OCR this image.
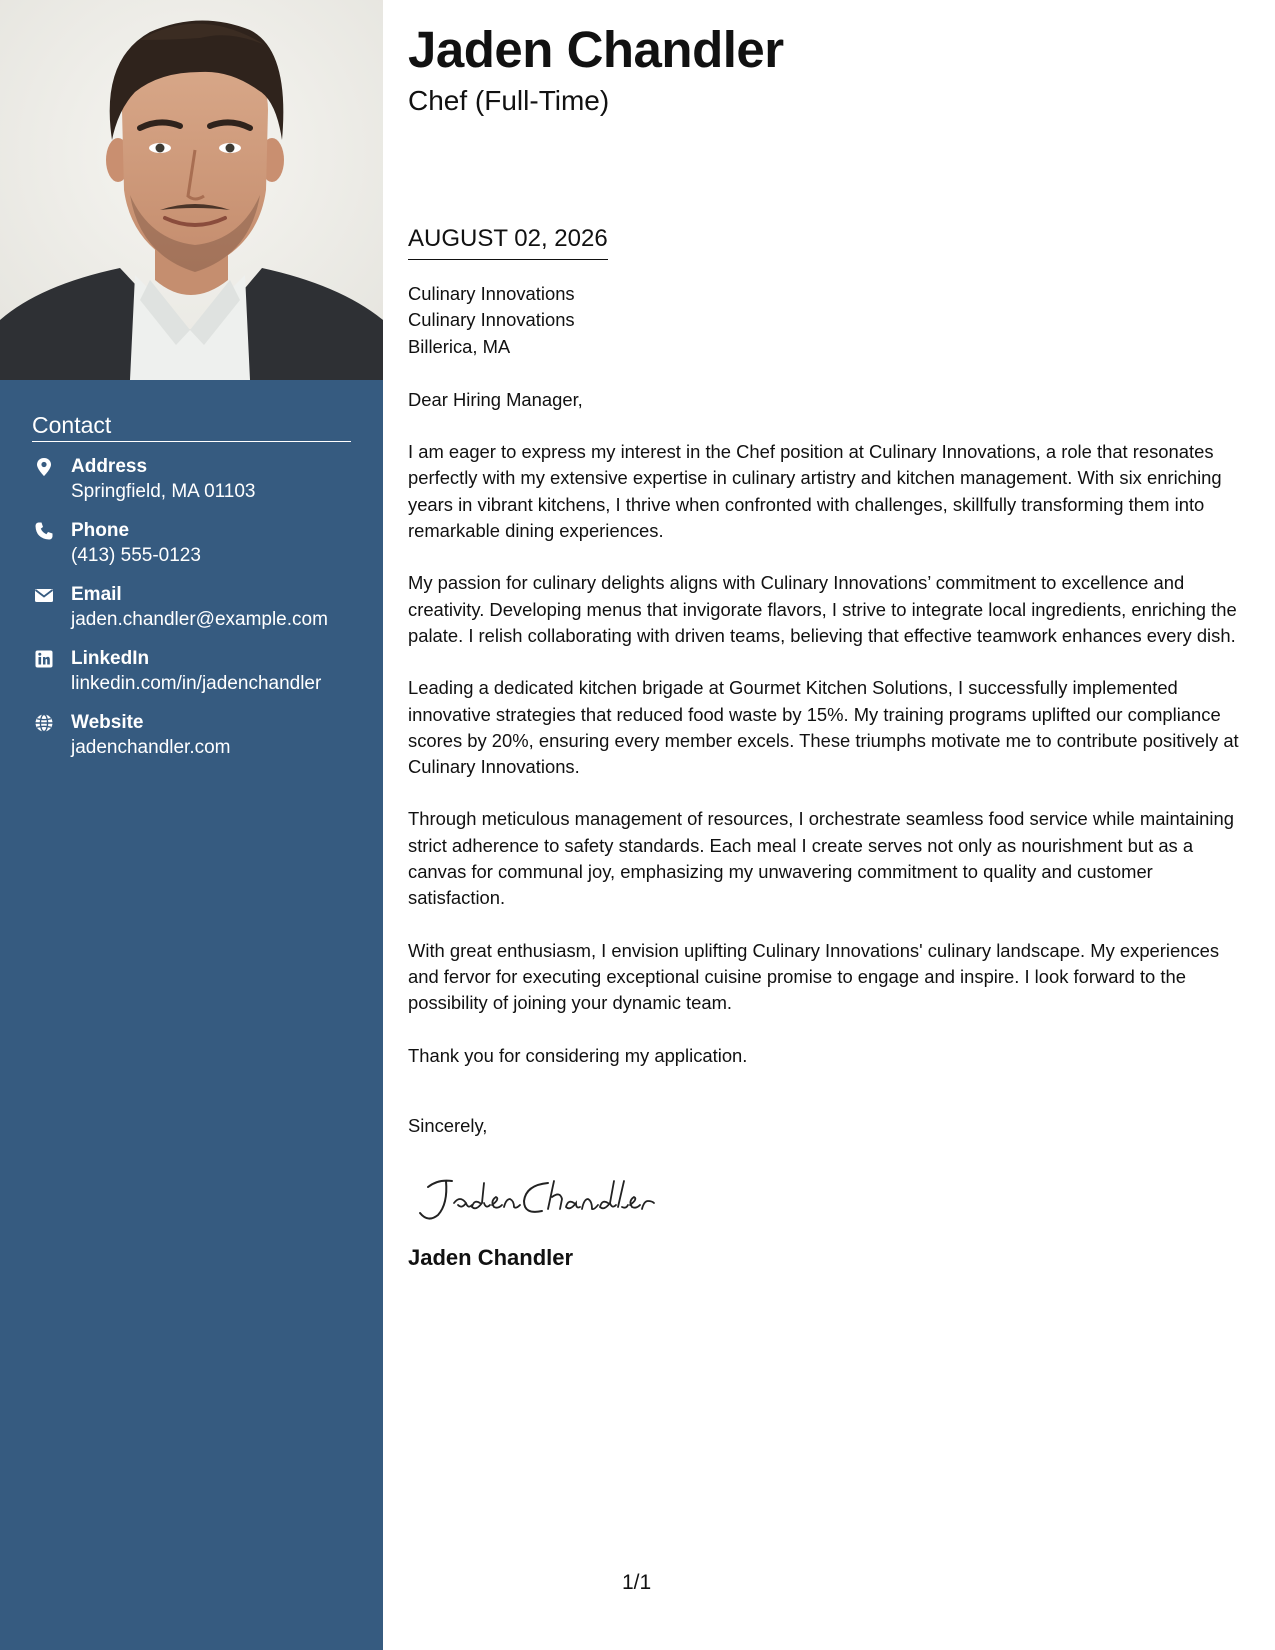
Contact
Address
Springfield, MA 01103
Phone
(413) 555-0123
Email
jaden.chandler@example.com
LinkedIn
linkedin.com/in/jadenchandler
Website
jadenchandler.com
Jaden Chandler
Chef (Full-Time)
AUGUST 02, 2026
Culinary Innovations
Culinary Innovations
Billerica, MA
Dear Hiring Manager,

I am eager to express my interest in the Chef position at Culinary Innovations, a role that resonates perfectly with my extensive expertise in culinary artistry and kitchen management. With six enriching years in vibrant kitchens, I thrive when confronted with challenges, skillfully transforming them into remarkable dining experiences.

My passion for culinary delights aligns with Culinary Innovations’ commitment to excellence and creativity. Developing menus that invigorate flavors, I strive to integrate local ingredients, enriching the palate. I relish collaborating with driven teams, believing that effective teamwork enhances every dish.

Leading a dedicated kitchen brigade at Gourmet Kitchen Solutions, I successfully implemented innovative strategies that reduced food waste by 15%. My training programs uplifted our compliance scores by 20%, ensuring every member excels. These triumphs motivate me to contribute positively at Culinary Innovations.

Through meticulous management of resources, I orchestrate seamless food service while maintaining strict adherence to safety standards. Each meal I create serves not only as nourishment but as a canvas for communal joy, emphasizing my unwavering commitment to quality and customer satisfaction.

With great enthusiasm, I envision uplifting Culinary Innovations' culinary landscape. My experiences and fervor for executing exceptional cuisine promise to engage and inspire. I look forward to the possibility of joining your dynamic team.

Thank you for considering my application.

Sincerely,
Jaden Chandler
1/1
